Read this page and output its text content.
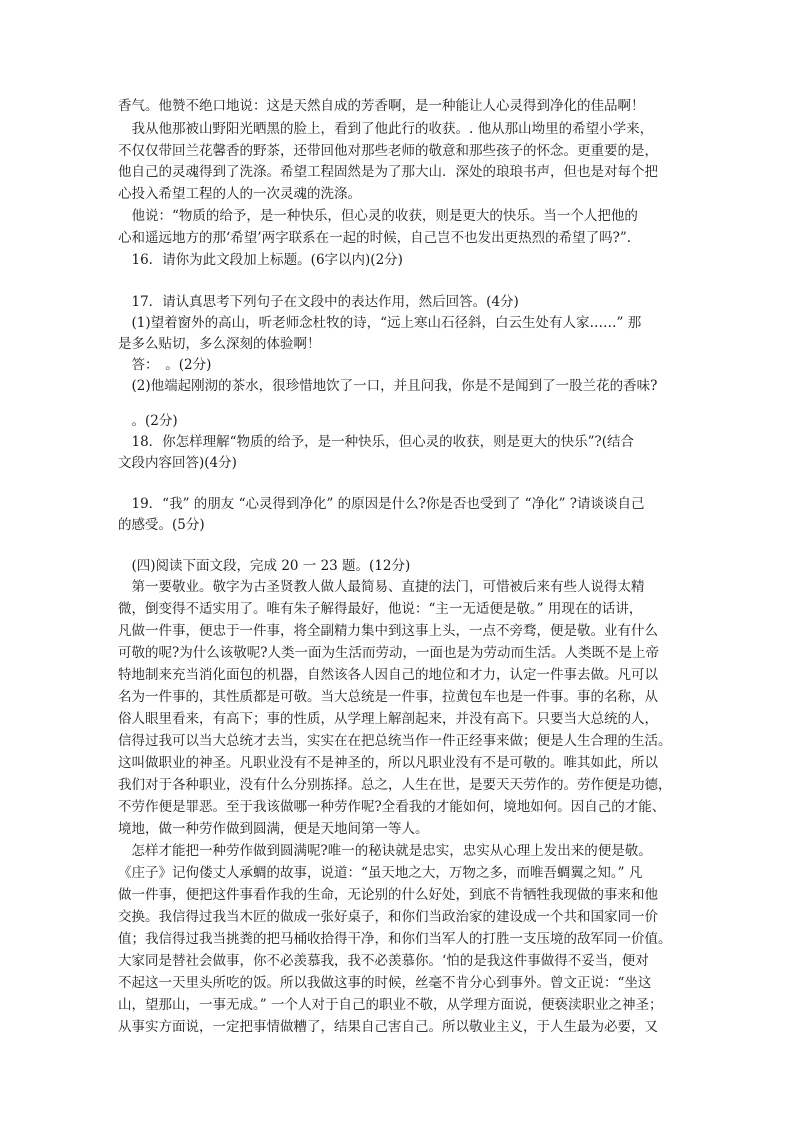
香气。他赞不绝口地说：这是天然自成的芳香啊，是一种能让人心灵得到净化的佳品啊！
　我从他那被山野阳光晒黑的脸上，看到了他此行的收获。. 他从那山坳里的希望小学来，
不仅仅带回兰花馨香的野茶，还带回他对那些老师的敬意和那些孩子的怀念。更重要的是，
他自己的灵魂得到了洗涤。希望工程固然是为了那大山．深处的琅琅书声，但也是对每个把
心投入希望工程的人的一次灵魂的洗涤。
　他说：“物质的给予，是一种快乐，但心灵的收获，则是更大的快乐。当一个人把他的
心和遥远地方的那‘希望’两字联系在一起的时候，自己岂不也发出更热烈的希望了吗?”.
　16．请你为此文段加上标题。(6字以内)(2分)
　17．请认真思考下列句子在文段中的表达作用，然后回答。(4分)
　(1)望着窗外的高山，听老师念杜牧的诗，“远上寒山石径斜，白云生处有人家……” 那
是多么贴切，多么深刻的体验啊！
　答：　。(2分)
　(2)他端起刚沏的茶水，很珍惜地饮了一口，并且问我，你是不是闻到了一股兰花的香味?
　。(2分)
　18．你怎样理解“物质的给予，是一种快乐，但心灵的收获，则是更大的快乐”?(结合
文段内容回答)(4分)
　19．“我” 的朋友 “心灵得到净化” 的原因是什么?你是否也受到了 “净化” ?请谈谈自己
的感受。(5分)
　(四)阅读下面文段，完成 20 一 23 题。(12分)
　第一要敬业。敬字为古圣贤教人做人最简易、直捷的法门，可惜被后来有些人说得太精
微，倒变得不适实用了。唯有朱子解得最好，他说：“主一无适便是敬。” 用现在的话讲，
凡做一件事，便忠于一件事，将全副精力集中到这事上头，一点不旁骛，便是敬。业有什么
可敬的呢?为什么该敬呢?人类一面为生活而劳动，一面也是为劳动而生活。人类既不是上帝
特地制来充当消化面包的机器，自然该各人因自己的地位和才力，认定一件事去做。凡可以
名为一件事的，其性质都是可敬。当大总统是一件事，拉黄包车也是一件事。事的名称，从
俗人眼里看来，有高下；事的性质，从学理上解剖起来，并没有高下。只要当大总统的人，
信得过我可以当大总统才去当，实实在在把总统当作一件正经事来做；便是人生合理的生活。
这叫做职业的神圣。凡职业没有不是神圣的，所以凡职业没有不是可敬的。唯其如此，所以
我们对于各种职业，没有什么分别拣择。总之，人生在世，是要天天劳作的。劳作便是功德，
不劳作便是罪恶。至于我该做哪一种劳作呢?全看我的才能如何，境地如何。因自己的才能、
境地，做一种劳作做到圆满，便是天地间第一等人。
　怎样才能把一种劳作做到圆满呢?唯一的秘诀就是忠实，忠实从心理上发出来的便是敬。
《庄子》记佝偻丈人承蜩的故事，说道：“虽天地之大，万物之多，而唯吾蜩翼之知。” 凡
做一件事，便把这件事看作我的生命，无论别的什么好处，到底不肯牺牲我现做的事来和他
交换。我信得过我当木匠的做成一张好桌子，和你们当政治家的建设成一个共和国家同一价
值；我信得过我当挑粪的把马桶收拾得干净，和你们当军人的打胜一支压境的敌军同一价值。
大家同是替社会做事，你不必羡慕我，我不必羡慕你。‘怕的是我这件事做得不妥当，便对
不起这一天里头所吃的饭。所以我做这事的时候，丝毫不肯分心到事外。曾文正说：“坐这
山，望那山，一事无成。” 一个人对于自己的职业不敬，从学理方面说，便亵渎职业之神圣；
从事实方面说，一定把事情做糟了，结果自己害自己。所以敬业主义，于人生最为必要，又
